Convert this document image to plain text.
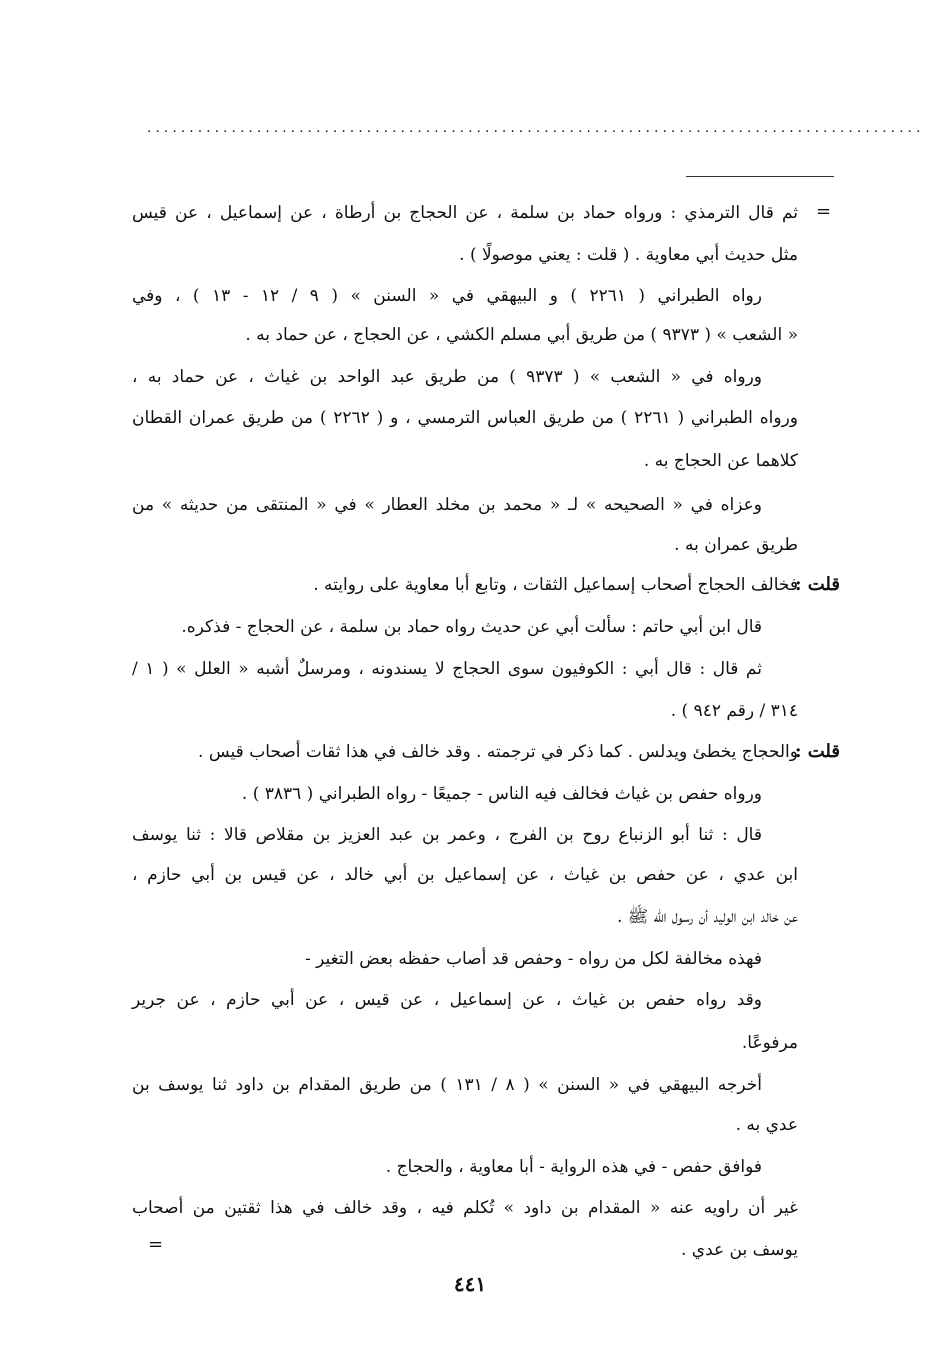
............................................................................................
=
ثم قال الترمذي : ورواه حماد بن سلمة ، عن الحجاج بن أرطاة ، عن إسماعيل ، عن قيس
مثل حديث أبي معاوية . ( قلت : يعني موصولًا ) .
رواه الطبراني ( ٢٢٦١ ) و البيهقي في « السنن » ( ٩ / ١٢ - ١٣ ) ، وفي
« الشعب » ( ٩٣٧٣ ) من طريق أبي مسلم الكشي ، عن الحجاج ، عن حماد به .
ورواه في « الشعب » ( ٩٣٧٣ ) من طريق عبد الواحد بن غياث ، عن حماد به ،
ورواه الطبراني ( ٢٢٦١ ) من طريق العباس الترمسي ، و ( ٢٢٦٢ ) من طريق عمران القطان
كلاهما عن الحجاج به .
وعزاه في « الصحيحه » لـ « محمد بن مخلد العطار » في « المنتقى من حديثه » من
طريق عمران به .
قلت :
فخالف الحجاج أصحاب إسماعيل الثقات ، وتابع أبا معاوية على روايته .
قال ابن أبي حاتم : سألت أبي عن حديث رواه حماد بن سلمة ، عن الحجاج - فذكره.
ثم قال : قال أبي : الكوفيون سوى الحجاج لا يسندونه ، ومرسلٌ أشبه « العلل » ( ١ /
٣١٤ / رقم ٩٤٢ ) .
قلت :
والحجاج يخطئ ويدلس . كما ذكر في ترجمته . وقد خالف في هذا ثقات أصحاب قيس .
ورواه حفص بن غياث فخالف فيه الناس - جميعًا - رواه الطبراني ( ٣٨٣٦ ) .
قال : ثنا أبو الزنباع روح بن الفرج ، وعمر بن عبد العزيز بن مقلاص قالا : ثنا يوسف
ابن عدي ، عن حفص بن غياث ، عن إسماعيل بن أبي خالد ، عن قيس بن أبي حازم ،
عن خالد ابن الوليد أن رسول الله ﷺ .
فهذه مخالفة لكل من رواه - وحفص قد أصاب حفظه بعض التغير -
وقد رواه حفص بن غياث ، عن إسماعيل ، عن قيس ، عن أبي حازم ، عن جرير
مرفوعًا.
أخرجه البيهقي في « السنن » ( ٨ / ١٣١ ) من طريق المقدام بن داود ثنا يوسف بن
عدي به .
فوافق حفص - في هذه الرواية - أبا معاوية ، والحجاج .
غير أن راويه عنه « المقدام بن داود » تُكلم فيه ، وقد خالف في هذا ثقتين من أصحاب
يوسف بن عدي .
=
٤٤١
